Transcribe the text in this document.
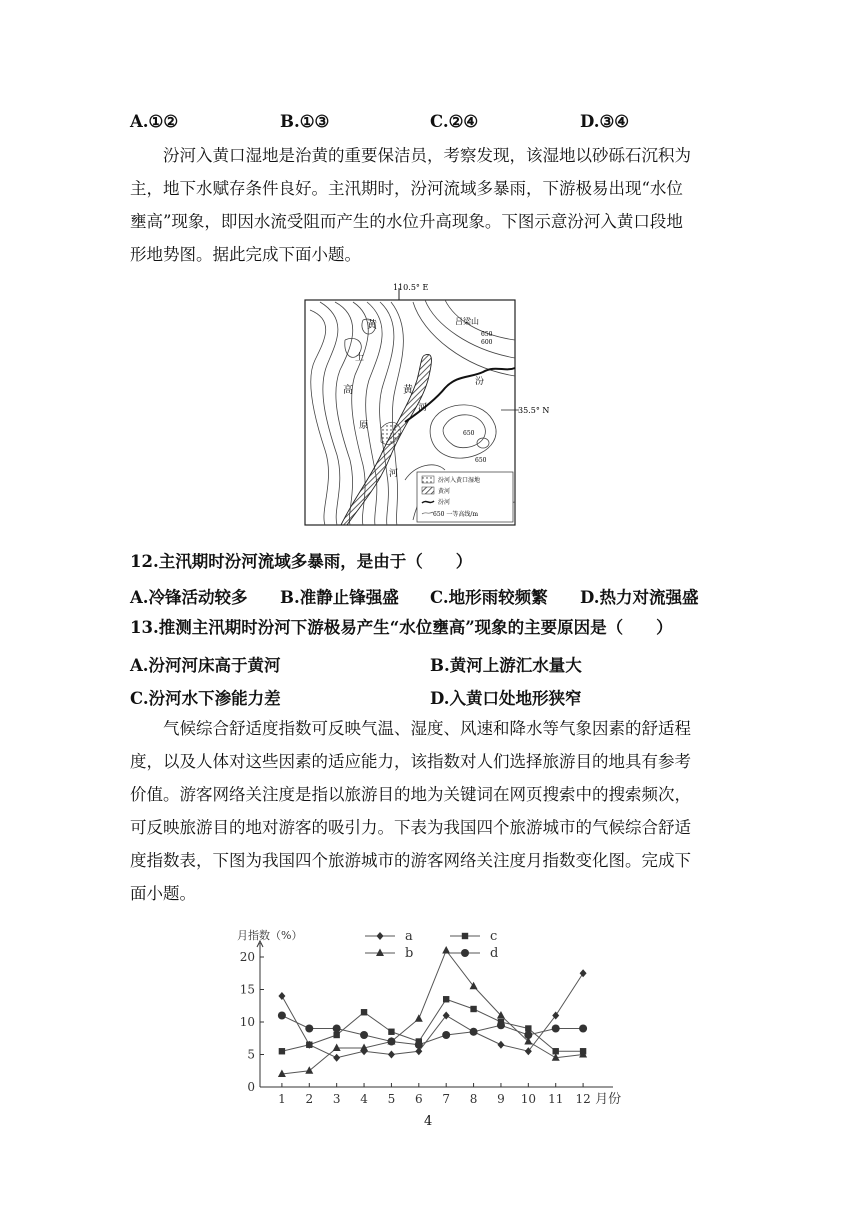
A.①②	B.①③	C.②④	D.③④
汾河入黄口湿地是治黄的重要保洁员，考察发现，该湿地以砂砾石沉积为
主，地下水赋存条件良好。主汛期时，汾河流域多暴雨，下游极易出现“水位
壅高”现象，即因水流受阻而产生的水位升高现象。下图示意汾河入黄口段地
形地势图。据此完成下面小题。
110.5° E
黄
土
高
原
黄
河
河
汾
吕梁山
600
650
650
650
35.5° N
汾河入黄口湿地
黄河
汾河
650 一等高线/m
12.主汛期时汾河流域多暴雨，是由于（　　）
A.冷锋活动较多 B.准静止锋强盛 C.地形雨较频繁 D.热力对流强盛
13.推测主汛期时汾河下游极易产生“水位壅高”现象的主要原因是（　　）
A.汾河河床高于黄河	B.黄河上游汇水量大
C.汾河水下渗能力差	D.入黄口处地形狭窄
气候综合舒适度指数可反映气温、湿度、风速和降水等气象因素的舒适程
度，以及人体对这些因素的适应能力，该指数对人们选择旅游目的地具有参考
价值。游客网络关注度是指以旅游目的地为关键词在网页搜索中的搜索频次，
可反映旅游目的地对游客的吸引力。下表为我国四个旅游城市的气候综合舒适
度指数表，下图为我国四个旅游城市的游客网络关注度月指数变化图。完成下
面小题。
0
5
10
15
20
1 2 3 4 5 6 7 8 9 10 11 12 月份
月指数（%）	a
b
c
d
4
